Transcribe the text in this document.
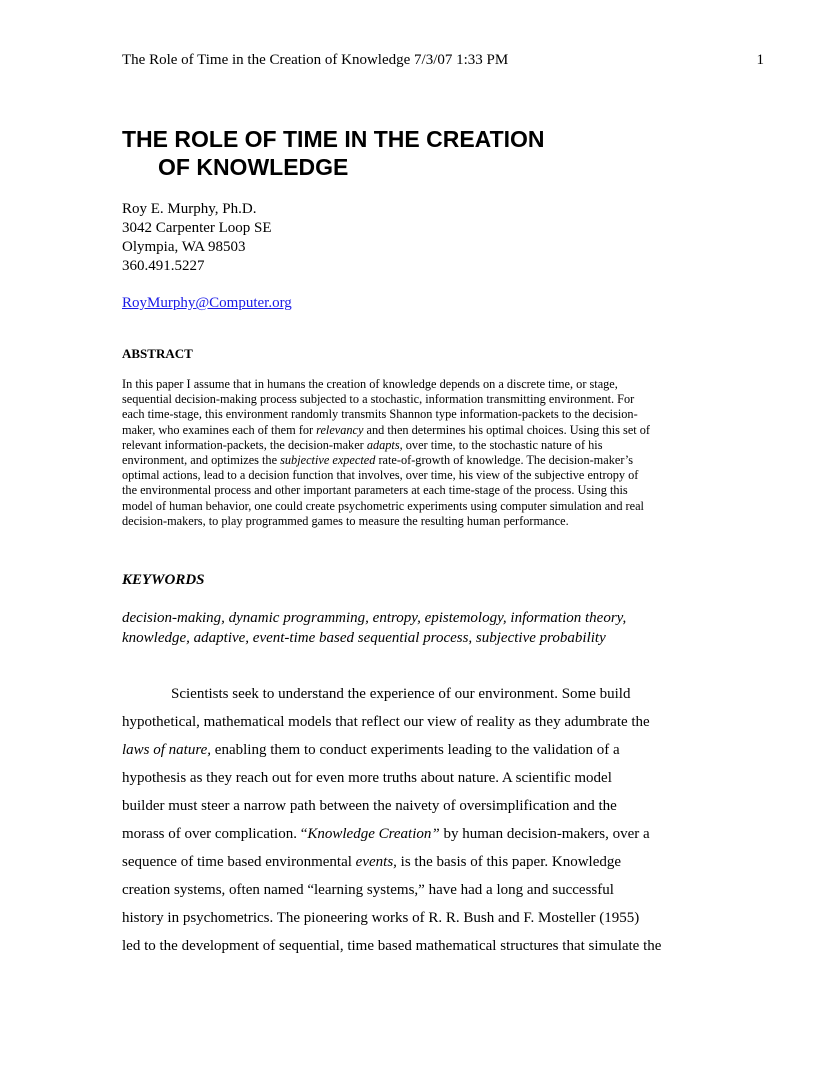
The Role of Time in the Creation of Knowledge 7/3/07 1:33 PM	1
THE ROLE OF TIME IN THE CREATION
OF KNOWLEDGE
Roy E. Murphy, Ph.D.
3042 Carpenter Loop SE
Olympia, WA 98503
360.491.5227
RoyMurphy@Computer.org
ABSTRACT
In this paper I assume that in humans the creation of knowledge depends on a discrete time, or stage,
sequential decision-making process subjected to a stochastic, information transmitting environment. For
each time-stage, this environment randomly transmits Shannon type information-packets to the decision-
maker, who examines each of them for relevancy and then determines his optimal choices. Using this set of
relevant information-packets, the decision-maker adapts, over time, to the stochastic nature of his
environment, and optimizes the subjective expected rate-of-growth of knowledge. The decision-maker’s
optimal actions, lead to a decision function that involves, over time, his view of the subjective entropy of
the environmental process and other important parameters at each time-stage of the process. Using this
model of human behavior, one could create psychometric experiments using computer simulation and real
decision-makers, to play programmed games to measure the resulting human performance.
KEYWORDS
decision-making, dynamic programming, entropy, epistemology, information theory,
knowledge, adaptive, event-time based sequential process, subjective probability
Scientists seek to understand the experience of our environment. Some build
hypothetical, mathematical models that reflect our view of reality as they adumbrate the
laws of nature, enabling them to conduct experiments leading to the validation of a
hypothesis as they reach out for even more truths about nature. A scientific model
builder must steer a narrow path between the naivety of oversimplification and the
morass of over complication. “Knowledge Creation” by human decision-makers, over a
sequence of time based environmental events, is the basis of this paper. Knowledge
creation systems, often named “learning systems,” have had a long and successful
history in psychometrics. The pioneering works of R. R. Bush and F. Mosteller (1955)
led to the development of sequential, time based mathematical structures that simulate the
